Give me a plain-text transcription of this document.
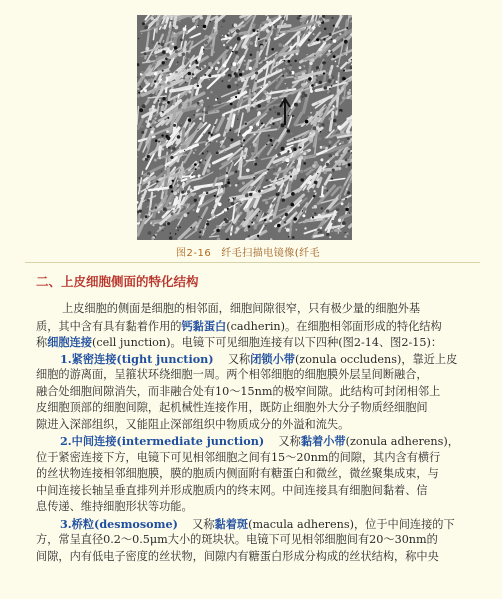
图2-16 纤毛扫描电镜像(纤毛
二、上皮细胞侧面的特化结构
上皮细胞的侧面是细胞的相邻面，细胞间隙很窄，只有极少量的细胞外基
质，其中含有具有黏着作用的钙黏蛋白(cadherin)。在细胞相邻面形成的特化结构
称细胞连接(cell junction)。电镜下可见细胞连接有以下四种(图2-14、图2-15)：
1.紧密连接(tight junction) 又称闭锁小带(zonula occludens)，靠近上皮
细胞的游离面，呈箍状环绕细胞一周。两个相邻细胞的细胞膜外层呈间断融合，
融合处细胞间隙消失，而非融合处有10～15nm的极窄间隙。此结构可封闭相邻上
皮细胞顶部的细胞间隙，起机械性连接作用，既防止细胞外大分子物质经细胞间
隙进入深部组织，又能阻止深部组织中物质成分的外溢和流失。
2.中间连接(intermediate junction) 又称黏着小带(zonula adherens)，
位于紧密连接下方，电镜下可见相邻细胞之间有15～20nm的间隙，其内含有横行
的丝状物连接相邻细胞膜，膜的胞质内侧面附有糖蛋白和微丝，微丝聚集成束，与
中间连接长轴呈垂直排列并形成胞质内的终末网。中间连接具有细胞间黏着、信
息传递、维持细胞形状等功能。
3.桥粒(desmosome) 又称黏着斑(macula adherens)，位于中间连接的下
方，常呈直径0.2～0.5μm大小的斑块状。电镜下可见相邻细胞间有20～30nm的
间隙，内有低电子密度的丝状物，间隙内有糖蛋白形成分构成的丝状结构，称中央
